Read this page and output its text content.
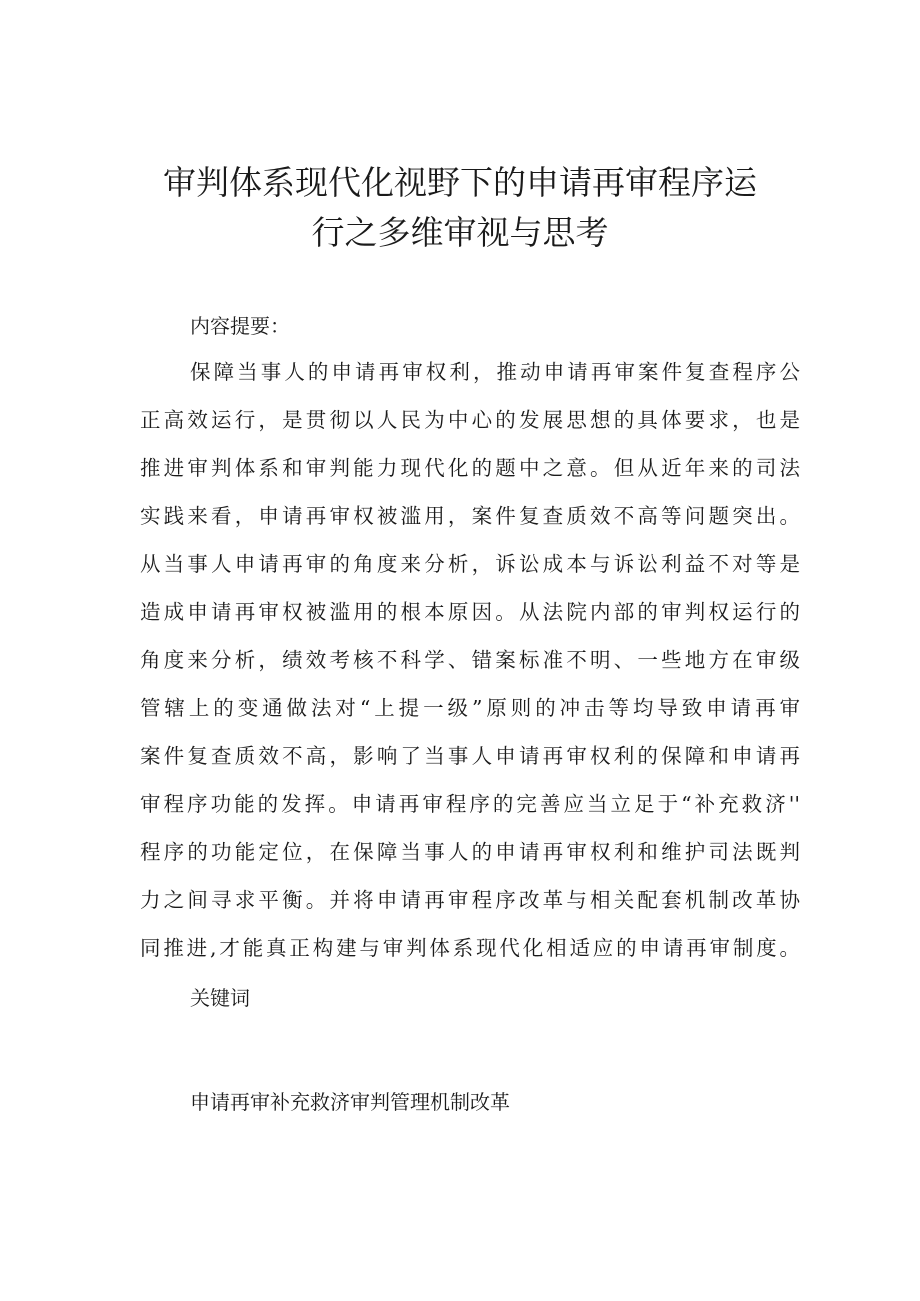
审判体系现代化视野下的申请再审程序运
行之多维审视与思考

内容提要：

保障当事人的申请再审权利，推动申请再审案件复查程序公
正高效运行，是贯彻以人民为中心的发展思想的具体要求，也是
推进审判体系和审判能力现代化的题中之意。但从近年来的司法
实践来看，申请再审权被滥用，案件复查质效不高等问题突出。
从当事人申请再审的角度来分析，诉讼成本与诉讼利益不对等是
造成申请再审权被滥用的根本原因。从法院内部的审判权运行的
角度来分析，绩效考核不科学、错案标准不明、一些地方在审级
管辖上的变通做法对“上提一级”原则的冲击等均导致申请再审
案件复查质效不高，影响了当事人申请再审权利的保障和申请再
审程序功能的发挥。申请再审程序的完善应当立足于“补充救济''
程序的功能定位，在保障当事人的申请再审权利和维护司法既判
力之间寻求平衡。并将申请再审程序改革与相关配套机制改革协
同推进,才能真正构建与审判体系现代化相适应的申请再审制度。

关键词

申请再审补充救济审判管理机制改革
